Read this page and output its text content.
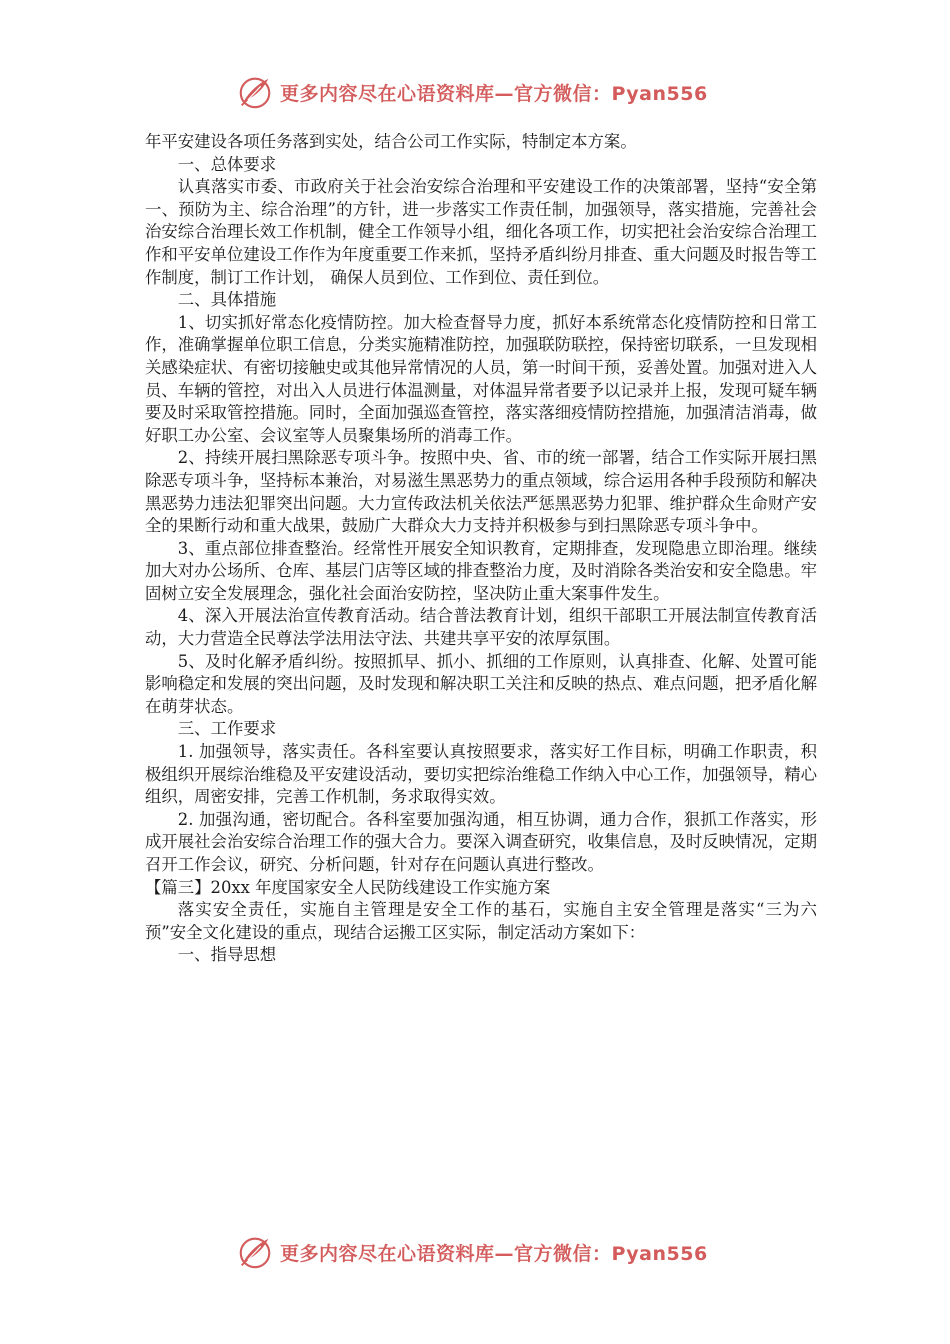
更多内容尽在心语资料库—官方微信：Pyan556

年平安建设各项任务落到实处，结合公司工作实际，特制定本方案。

一、总体要求

认真落实市委、市政府关于社会治安综合治理和平安建设工作的决策部署，坚持“安全第一、预防为主、综合治理”的方针，进一步落实工作责任制，加强领导，落实措施，完善社会治安综合治理长效工作机制，健全工作领导小组，细化各项工作，切实把社会治安综合治理工作和平安单位建设工作作为年度重要工作来抓，坚持矛盾纠纷月排查、重大问题及时报告等工作制度，制订工作计划， 确保人员到位、工作到位、责任到位。

二、具体措施

1、切实抓好常态化疫情防控。加大检查督导力度，抓好本系统常态化疫情防控和日常工作，准确掌握单位职工信息，分类实施精准防控，加强联防联控，保持密切联系，一旦发现相关感染症状、有密切接触史或其他异常情况的人员，第一时间干预，妥善处置。加强对进入人员、车辆的管控，对出入人员进行体温测量，对体温异常者要予以记录并上报，发现可疑车辆要及时采取管控措施。同时，全面加强巡查管控，落实落细疫情防控措施，加强清洁消毒，做好职工办公室、会议室等人员聚集场所的消毒工作。

2、持续开展扫黑除恶专项斗争。按照中央、省、市的统一部署，结合工作实际开展扫黑除恶专项斗争，坚持标本兼治，对易滋生黑恶势力的重点领域，综合运用各种手段预防和解决黑恶势力违法犯罪突出问题。大力宣传政法机关依法严惩黑恶势力犯罪、维护群众生命财产安全的果断行动和重大战果，鼓励广大群众大力支持并积极参与到扫黑除恶专项斗争中。

3、重点部位排查整治。经常性开展安全知识教育，定期排查，发现隐患立即治理。继续加大对办公场所、仓库、基层门店等区域的排查整治力度，及时消除各类治安和安全隐患。牢固树立安全发展理念，强化社会面治安防控，坚决防止重大案事件发生。

4、深入开展法治宣传教育活动。结合普法教育计划，组织干部职工开展法制宣传教育活动，大力营造全民尊法学法用法守法、共建共享平安的浓厚氛围。

5、及时化解矛盾纠纷。按照抓早、抓小、抓细的工作原则，认真排查、化解、处置可能影响稳定和发展的突出问题，及时发现和解决职工关注和反映的热点、难点问题，把矛盾化解在萌芽状态。

三、工作要求

1. 加强领导，落实责任。各科室要认真按照要求，落实好工作目标，明确工作职责，积极组织开展综治维稳及平安建设活动，要切实把综治维稳工作纳入中心工作，加强领导，精心组织，周密安排，完善工作机制，务求取得实效。

2. 加强沟通，密切配合。各科室要加强沟通，相互协调，通力合作，狠抓工作落实，形成开展社会治安综合治理工作的强大合力。要深入调查研究，收集信息，及时反映情况，定期召开工作会议，研究、分析问题，针对存在问题认真进行整改。

【篇三】20xx 年度国家安全人民防线建设工作实施方案

落实安全责任，实施自主管理是安全工作的基石，实施自主安全管理是落实“三为六预”安全文化建设的重点，现结合运搬工区实际，制定活动方案如下：

一、指导思想

更多内容尽在心语资料库—官方微信：Pyan556
